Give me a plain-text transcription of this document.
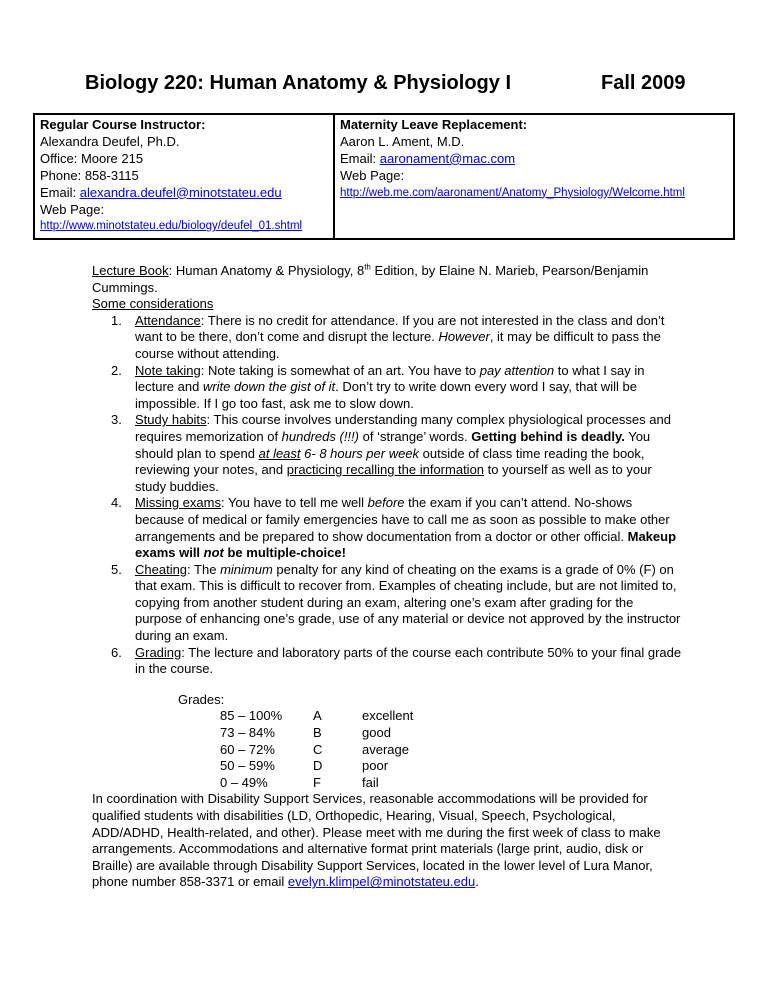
Biology 220: Human Anatomy & Physiology I	Fall 2009
Regular Course Instructor:
Alexandra Deufel, Ph.D.
Office: Moore 215
Phone: 858-3115
Email: alexandra.deufel@minotstateu.edu
Web Page:
http://www.minotstateu.edu/biology/deufel_01.shtml
Maternity Leave Replacement:
Aaron L. Ament, M.D.
Email: aaronament@mac.com
Web Page:
http://web.me.com/aaronament/Anatomy_Physiology/Welcome.html

Lecture Book: Human Anatomy & Physiology, 8th Edition, by Elaine N. Marieb, Pearson/Benjamin Cummings.

Some considerations

1. Attendance: There is no credit for attendance. If you are not interested in the class and don’t want to be there, don’t come and disrupt the lecture. However, it may be difficult to pass the course without attending.
2. Note taking: Note taking is somewhat of an art. You have to pay attention to what I say in lecture and write down the gist of it. Don’t try to write down every word I say, that will be impossible. If I go too fast, ask me to slow down.
3. Study habits: This course involves understanding many complex physiological processes and requires memorization of hundreds (!!!) of ‘strange’ words. Getting behind is deadly. You should plan to spend at least 6- 8 hours per week outside of class time reading the book, reviewing your notes, and practicing recalling the information to yourself as well as to your study buddies.
4. Missing exams: You have to tell me well before the exam if you can’t attend. No-shows because of medical or family emergencies have to call me as soon as possible to make other arrangements and be prepared to show documentation from a doctor or other official. Makeup exams will not be multiple-choice!
5. Cheating: The minimum penalty for any kind of cheating on the exams is a grade of 0% (F) on that exam. This is difficult to recover from. Examples of cheating include, but are not limited to, copying from another student during an exam, altering one’s exam after grading for the purpose of enhancing one’s grade, use of any material or device not approved by the instructor during an exam.
6. Grading: The lecture and laboratory parts of the course each contribute 50% to your final grade in the course.
Grades:
85 – 100%	A	excellent
73 – 84%	B	good
60 – 72%	C	average
50 – 59%	D	poor
0 – 49%	F	fail

In coordination with Disability Support Services, reasonable accommodations will be provided for qualified students with disabilities (LD, Orthopedic, Hearing, Visual, Speech, Psychological, ADD/ADHD, Health-related, and other). Please meet with me during the first week of class to make arrangements. Accommodations and alternative format print materials (large print, audio, disk or Braille) are available through Disability Support Services, located in the lower level of Lura Manor, phone number 858-3371 or email evelyn.klimpel@minotstateu.edu.
